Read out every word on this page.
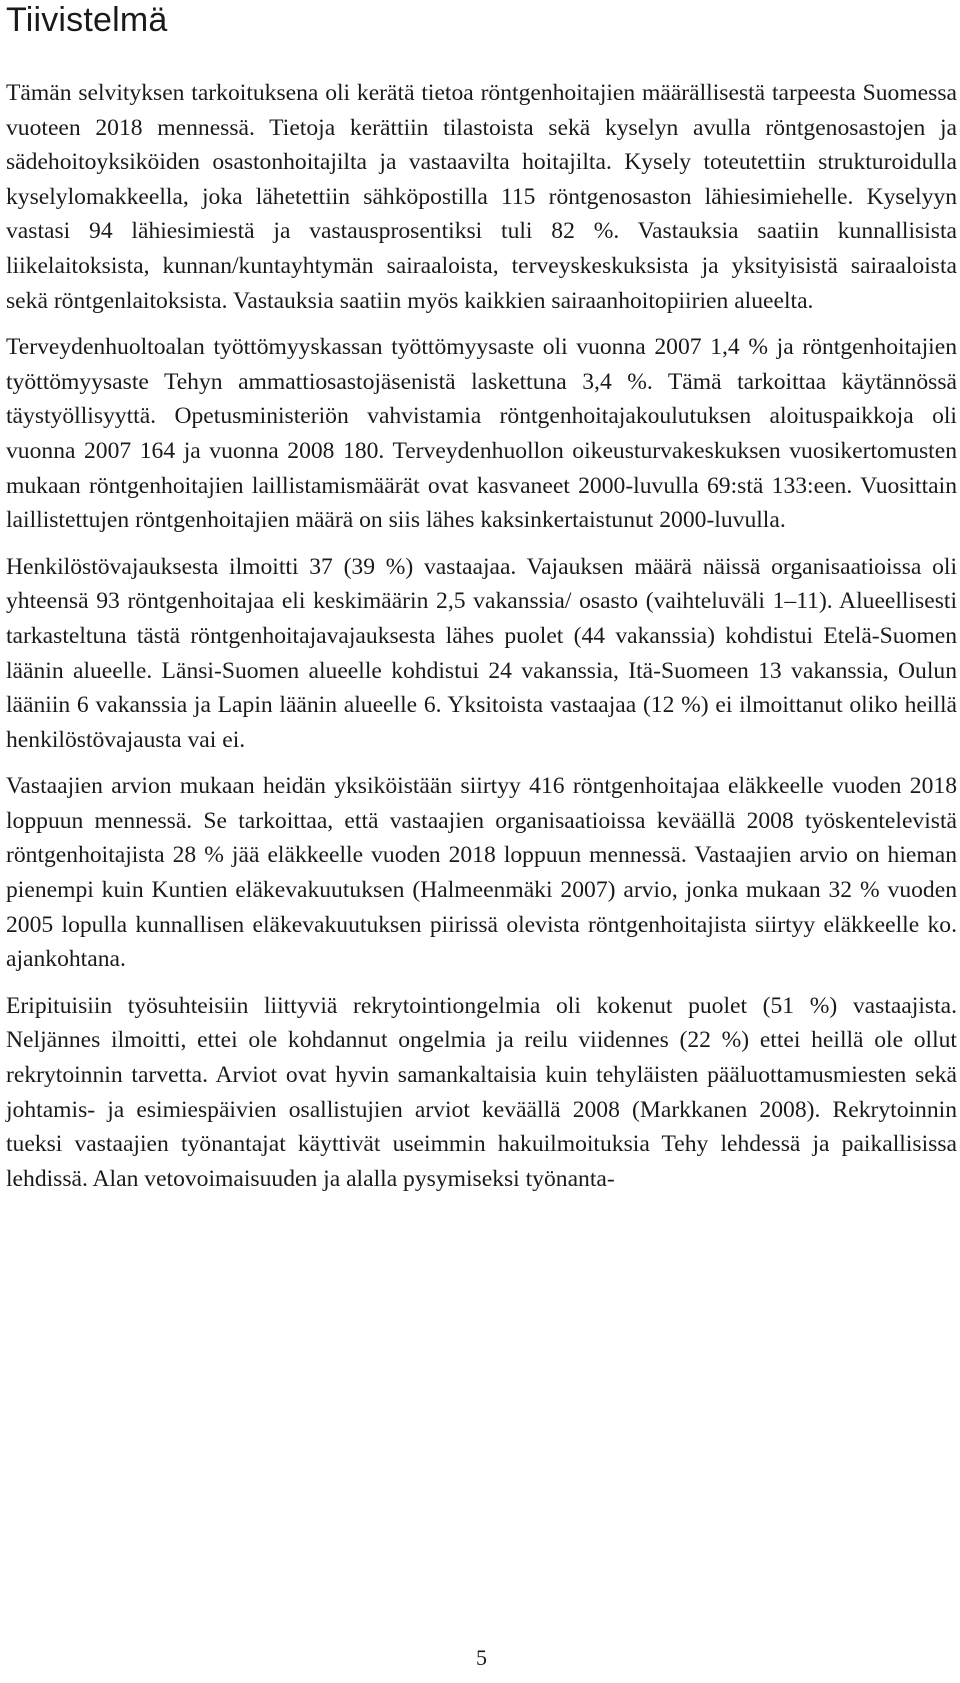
Tiivistelmä

Tämän selvityksen tarkoituksena oli kerätä tietoa röntgenhoitajien määrällisestä tarpeesta Suomessa vuoteen 2018 mennessä. Tietoja kerättiin tilastoista sekä kyselyn avulla röntgenosastojen ja sädehoitoyksiköiden osastonhoitajilta ja vastaavilta hoitajilta. Kysely toteutettiin strukturoidulla kyselylomakkeella, joka lähetettiin sähköpostilla 115 röntgenosaston lähiesimiehelle. Kyselyyn vastasi 94 lähiesimiestä ja vastausprosentiksi tuli 82 %. Vastauksia saatiin kunnallisista liikelaitoksista, kunnan/kuntayhtymän sairaaloista, terveyskeskuksista ja yksityisistä sairaaloista sekä röntgenlaitoksista. Vastauksia saatiin myös kaikkien sairaanhoitopiirien alueelta.

Terveydenhuoltoalan työttömyyskassan työttömyysaste oli vuonna 2007 1,4 % ja röntgenhoitajien työttömyysaste Tehyn ammattiosastojäsenistä laskettuna 3,4 %. Tämä tarkoittaa käytännössä täystyöllisyyttä. Opetusministeriön vahvistamia röntgenhoitajakoulutuksen aloituspaikkoja oli vuonna 2007 164 ja vuonna 2008 180. Terveydenhuollon oikeusturvakeskuksen vuosikertomusten mukaan röntgenhoitajien laillistamismäärät ovat kasvaneet 2000-luvulla 69:stä 133:een. Vuosittain laillistettujen röntgenhoitajien määrä on siis lähes kaksinkertaistunut 2000-luvulla.

Henkilöstövajauksesta ilmoitti 37 (39 %) vastaajaa. Vajauksen määrä näissä organisaatioissa oli yhteensä 93 röntgenhoitajaa eli keskimäärin 2,5 vakanssia/ osasto (vaihteluväli 1–11). Alueellisesti tarkasteltuna tästä röntgenhoitajavajauksesta lähes puolet (44 vakanssia) kohdistui Etelä-Suomen läänin alueelle. Länsi-Suomen alueelle kohdistui 24 vakanssia, Itä-Suomeen 13 vakanssia, Oulun lääniin 6 vakanssia ja Lapin läänin alueelle 6. Yksitoista vastaajaa (12 %) ei ilmoittanut oliko heillä henkilöstövajausta vai ei.

Vastaajien arvion mukaan heidän yksiköistään siirtyy 416 röntgenhoitajaa eläkkeelle vuoden 2018 loppuun mennessä. Se tarkoittaa, että vastaajien organisaatioissa keväällä 2008 työskentelevistä röntgenhoitajista 28 % jää eläkkeelle vuoden 2018 loppuun mennessä. Vastaajien arvio on hieman pienempi kuin Kuntien eläkevakuutuksen (Halmeenmäki 2007) arvio, jonka mukaan 32 % vuoden 2005 lopulla kunnallisen eläkevakuutuksen piirissä olevista röntgenhoitajista siirtyy eläkkeelle ko. ajankohtana.

Eripituisiin työsuhteisiin liittyviä rekrytointiongelmia oli kokenut puolet (51 %) vastaajista. Neljännes ilmoitti, ettei ole kohdannut ongelmia ja reilu viidennes (22 %) ettei heillä ole ollut rekrytoinnin tarvetta. Arviot ovat hyvin samankaltaisia kuin tehyläisten pääluottamusmiesten sekä johtamis- ja esimiespäivien osallistujien arviot keväällä 2008 (Markkanen 2008). Rekrytoinnin tueksi vastaajien työnantajat käyttivät useimmin hakuilmoituksia Tehy lehdessä ja paikallisissa lehdissä. Alan vetovoimaisuuden ja alalla pysymiseksi työnanta-

5
